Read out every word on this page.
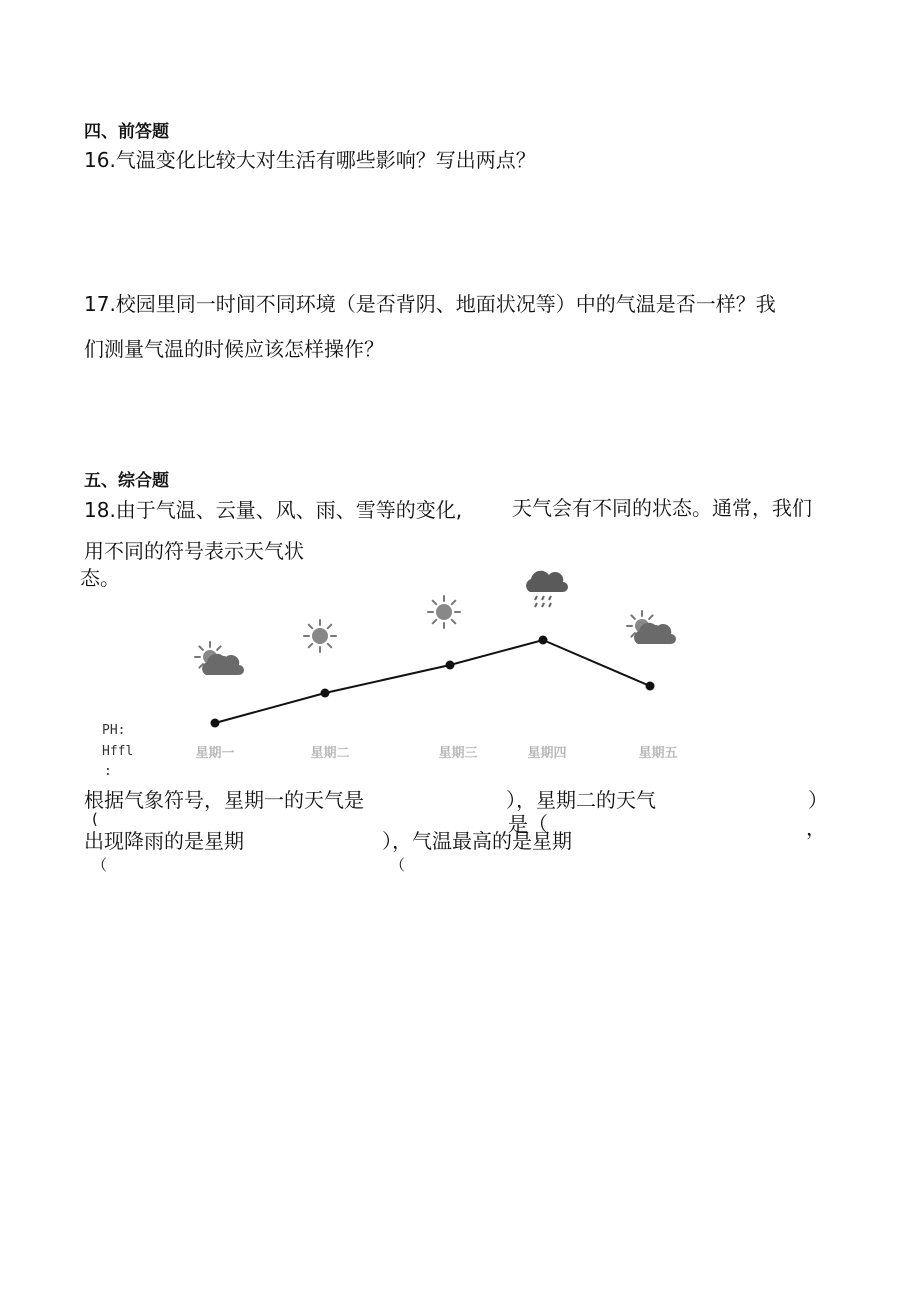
四、前答题
16.气温变化比较大对生活有哪些影响？写出两点？
17.校园里同一时间不同环境（是否背阴、地面状况等）中的气温是否一样？我
们测量气温的时候应该怎样操作？
五、综合题
18.由于气温、云量、风、雨、雪等的变化, 天气会有不同的状态。通常，我们
用不同的符号表示天气状
态。
星期一	星期二	星期三	星期四	星期五
PH:
Hffl
:
根据气象符号，星期一的天气是	），星期二的天气	）
(	是（	，
出现降雨的是星期	），气温最高的是星期
（	（
